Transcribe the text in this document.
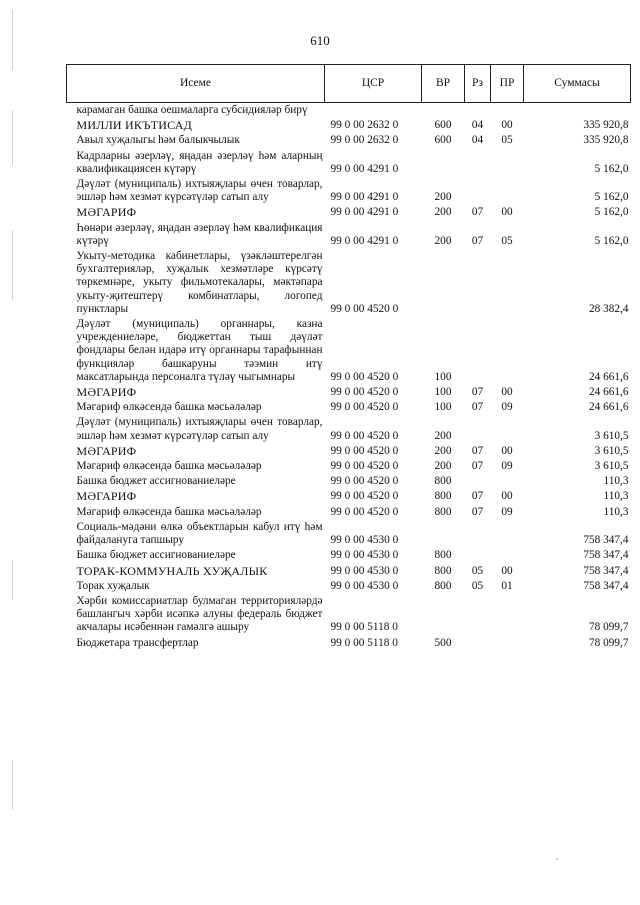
610
Исеме	ЦСР	ВР	Рз	ПР	Суммасы
карамаган башка оешмаларга субсидияләр бирү					
МИЛЛИ ИКЪТИСАД	99 0 00 2632 0	600	04	00	335 920,8
Авыл хуҗалыгы һәм балыкчылык	99 0 00 2632 0	600	04	05	335 920,8
Кадрларны әзерләү, яңадан әзерләү һәм аларның квалификациясен күтәрү	99 0 00 4291 0				5 162,0
Дәүләт (муниципаль) ихтыяҗлары өчен товарлар, эшләр һәм хезмәт күрсәтүләр сатып алу	99 0 00 4291 0	200			5 162,0
МӘГАРИФ	99 0 00 4291 0	200	07	00	5 162,0
Һөнәри әзерләү, яңадан әзерләү һәм квалификация күтәрү	99 0 00 4291 0	200	07	05	5 162,0
Укыту-методика кабинетлары, үзәкләштерелгән бухгалтерияләр, хуҗалык хезмәтләре күрсәтү төркемнәре, укыту фильмотекалары, мәктәпара укыту-җитештерү комбинатлары, логопед пунктлары	99 0 00 4520 0				28 382,4
Дәүләт (муниципаль) органнары, казна учреждениеләре, бюджеттан тыш дәүләт фондлары белән идарә итү органнары тарафыннан функцияләр башкаруны тәэмин итү максатларында персоналга түләү чыгымнары	99 0 00 4520 0	100			24 661,6
МӘГАРИФ	99 0 00 4520 0	100	07	00	24 661,6
Мәгариф өлкәсендә башка мәсьәләләр	99 0 00 4520 0	100	07	09	24 661,6
Дәүләт (муниципаль) ихтыяҗлары өчен товарлар, эшләр һәм хезмәт күрсәтүләр сатып алу	99 0 00 4520 0	200			3 610,5
МӘГАРИФ	99 0 00 4520 0	200	07	00	3 610,5
Мәгариф өлкәсендә башка мәсьәләләр	99 0 00 4520 0	200	07	09	3 610,5
Башка бюджет ассигнованиеләре	99 0 00 4520 0	800			110,3
МӘГАРИФ	99 0 00 4520 0	800	07	00	110,3
Мәгариф өлкәсендә башка мәсьәләләр	99 0 00 4520 0	800	07	09	110,3
Социаль-мәдәни өлкә объектларын кабул итү һәм файдалануга тапшыру	99 0 00 4530 0				758 347,4
Башка бюджет ассигнованиеләре	99 0 00 4530 0	800			758 347,4
ТОРАК-КОММУНАЛЬ ХУҖАЛЫК	99 0 00 4530 0	800	05	00	758 347,4
Торак хуҗалык	99 0 00 4530 0	800	05	01	758 347,4
Хәрби комиссариатлар булмаган территорияләрдә башлангыч хәрби исәпкә алуны федераль бюджет акчалары исәбеннән гамәлгә ашыру	99 0 00 5118 0				78 099,7
Бюджетара трансфертлар	99 0 00 5118 0	500			78 099,7
